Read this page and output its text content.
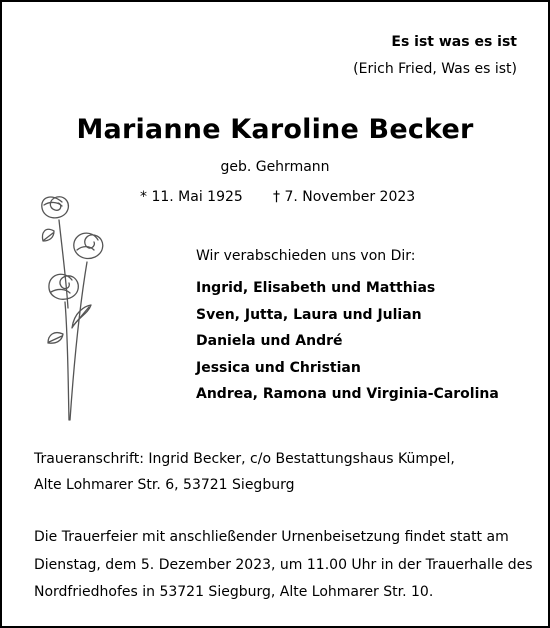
Es ist was es ist
(Erich Fried, Was es ist)
Marianne Karoline Becker
geb. Gehrmann
* 11. Mai 1925 † 7. November 2023
Wir verabschieden uns von Dir:
Ingrid, Elisabeth und Matthias
Sven, Jutta, Laura und Julian
Daniela und André
Jessica und Christian
Andrea, Ramona und Virginia-Carolina
Traueranschrift: Ingrid Becker, c/o Bestattungshaus Kümpel,
Alte Lohmarer Str. 6, 53721 Siegburg
Die Trauerfeier mit anschließender Urnenbeisetzung findet statt am
Dienstag, dem 5. Dezember 2023, um 11.00 Uhr in der Trauerhalle des
Nordfriedhofes in 53721 Siegburg, Alte Lohmarer Str. 10.
